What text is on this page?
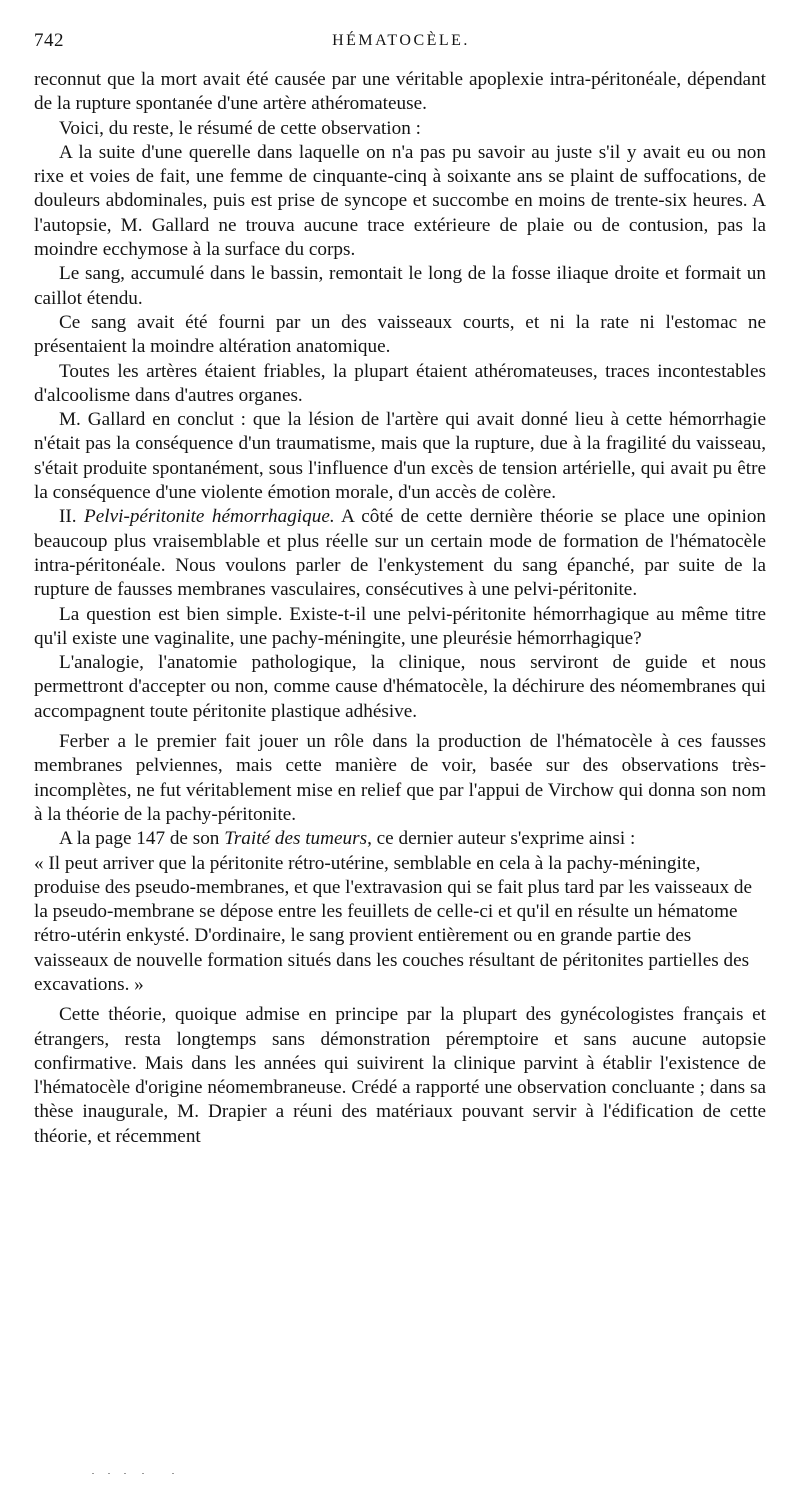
742	HÉMATOCÈLE.

reconnut que la mort avait été causée par une véritable apoplexie intra-péritonéale, dépendant de la rupture spontanée d'une artère athéromateuse.

Voici, du reste, le résumé de cette observation :

A la suite d'une querelle dans laquelle on n'a pas pu savoir au juste s'il y avait eu ou non rixe et voies de fait, une femme de cinquante-cinq à soixante ans se plaint de suffocations, de douleurs abdominales, puis est prise de syncope et succombe en moins de trente-six heures. A l'autopsie, M. Gallard ne trouva aucune trace extérieure de plaie ou de contusion, pas la moindre ecchymose à la surface du corps.

Le sang, accumulé dans le bassin, remontait le long de la fosse iliaque droite et formait un caillot étendu.

Ce sang avait été fourni par un des vaisseaux courts, et ni la rate ni l'estomac ne présentaient la moindre altération anatomique.

Toutes les artères étaient friables, la plupart étaient athéromateuses, traces incontestables d'alcoolisme dans d'autres organes.

M. Gallard en conclut : que la lésion de l'artère qui avait donné lieu à cette hémorrhagie n'était pas la conséquence d'un traumatisme, mais que la rupture, due à la fragilité du vaisseau, s'était produite spontanément, sous l'influence d'un excès de tension artérielle, qui avait pu être la conséquence d'une violente émotion morale, d'un accès de colère.

II. Pelvi-péritonite hémorrhagique. A côté de cette dernière théorie se place une opinion beaucoup plus vraisemblable et plus réelle sur un certain mode de formation de l'hématocèle intra-péritonéale. Nous voulons parler de l'enkystement du sang épanché, par suite de la rupture de fausses membranes vasculaires, consécutives à une pelvi-péritonite.

La question est bien simple. Existe-t-il une pelvi-péritonite hémorrhagique au même titre qu'il existe une vaginalite, une pachy-méningite, une pleurésie hémorrhagique?

L'analogie, l'anatomie pathologique, la clinique, nous serviront de guide et nous permettront d'accepter ou non, comme cause d'hématocèle, la déchirure des néomembranes qui accompagnent toute péritonite plastique adhésive.

Ferber a le premier fait jouer un rôle dans la production de l'hématocèle à ces fausses membranes pelviennes, mais cette manière de voir, basée sur des observations très-incomplètes, ne fut véritablement mise en relief que par l'appui de Virchow qui donna son nom à la théorie de la pachy-péritonite.

A la page 147 de son Traité des tumeurs, ce dernier auteur s'exprime ainsi :

« Il peut arriver que la péritonite rétro-utérine, semblable en cela à la pachy-méningite, produise des pseudo-membranes, et que l'extravasion qui se fait plus tard par les vaisseaux de la pseudo-membrane se dépose entre les feuillets de celle-ci et qu'il en résulte un hématome rétro-utérin enkysté. D'ordinaire, le sang provient entièrement ou en grande partie des vaisseaux de nouvelle formation situés dans les couches résultant de péritonites partielles des excavations. »

Cette théorie, quoique admise en principe par la plupart des gynécologistes français et étrangers, resta longtemps sans démonstration péremptoire et sans aucune autopsie confirmative. Mais dans les années qui suivirent la clinique parvint à établir l'existence de l'hématocèle d'origine néomembraneuse. Crédé a rapporté une observation concluante ; dans sa thèse inaugurale, M. Drapier a réuni des matériaux pouvant servir à l'édification de cette théorie, et récemment
